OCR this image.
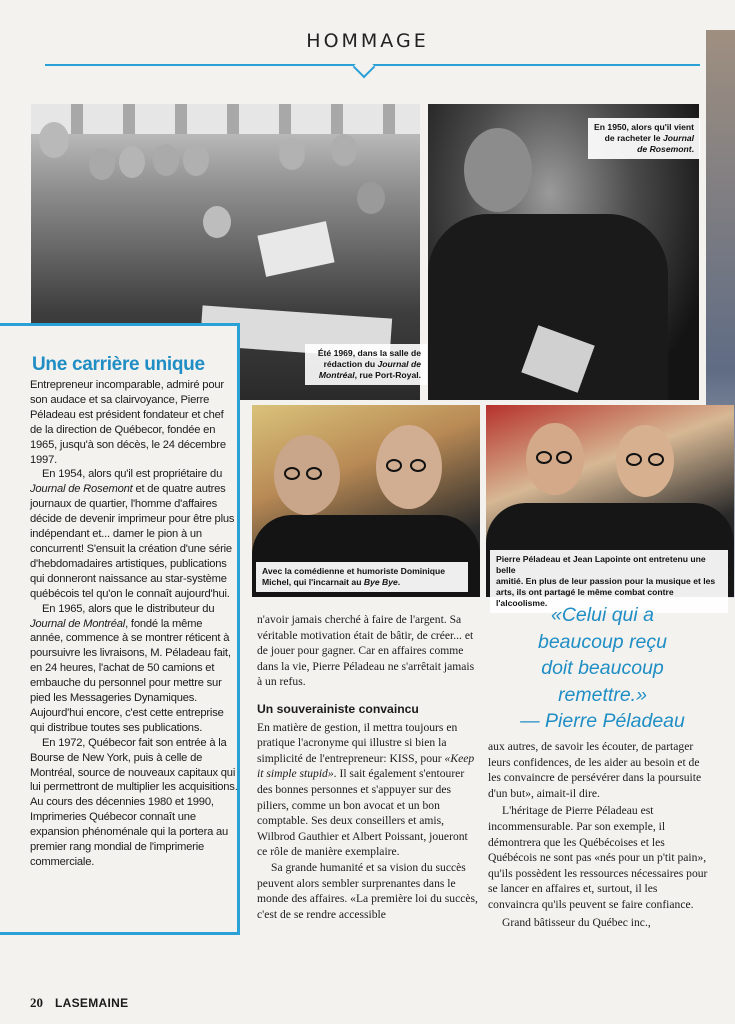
HOMMAGE
Été 1969, dans la salle de
rédaction du Journal de
Montréal, rue Port-Royal.
En 1950, alors qu'il vient
de racheter le Journal
de Rosemont.
Une carrière unique

Entrepreneur incomparable, admiré pour son audace et sa clairvoyance, Pierre Péladeau est président fondateur et chef de la direction de Québecor, fondée en 1965, jusqu'à son décès, le 24 décembre 1997.

En 1954, alors qu'il est propriétaire du Journal de Rosemont et de quatre autres journaux de quartier, l'homme d'affaires décide de devenir imprimeur pour être plus indépendant et... damer le pion à un concurrent! S'ensuit la création d'une série d'hebdomadaires artistiques, publications qui donneront naissance au star-système québécois tel qu'on le connaît aujourd'hui.

En 1965, alors que le distributeur du Journal de Montréal, fondé la même année, commence à se montrer réticent à poursuivre les livraisons, M. Péladeau fait, en 24 heures, l'achat de 50 camions et embauche du personnel pour mettre sur pied les Messageries Dynamiques. Aujourd'hui encore, c'est cette entreprise qui distribue toutes ses publications.

En 1972, Québecor fait son entrée à la Bourse de New York, puis à celle de Montréal, source de nouveaux capitaux qui lui permettront de multiplier les acquisitions. Au cours des décennies 1980 et 1990, Imprimeries Québecor connaît une expansion phénoménale qui la portera au premier rang mondial de l'imprimerie commerciale.

Avec la comédienne et humoriste Dominique
Michel, qui l'incarnait au Bye Bye.
Pierre Péladeau et Jean Lapointe ont entretenu une belle
amitié. En plus de leur passion pour la musique et les
arts, ils ont partagé le même combat contre l'alcoolisme.

n'avoir jamais cherché à faire de l'argent. Sa véritable motivation était de bâtir, de créer... et de jouer pour gagner. Car en affaires comme dans la vie, Pierre Péladeau ne s'arrêtait jamais à un refus.

Un souverainiste convaincu

En matière de gestion, il mettra toujours en pratique l'acronyme qui illustre si bien la simplicité de l'entrepreneur: KISS, pour «Keep it simple stupid». Il sait également s'entourer des bonnes personnes et s'appuyer sur des piliers, comme un bon avocat et un bon comptable. Ses deux conseillers et amis, Wilbrod Gauthier et Albert Poissant, joueront ce rôle de manière exemplaire.

Sa grande humanité et sa vision du succès peuvent alors sembler surprenantes dans le monde des affaires. «La première loi du succès, c'est de se rendre accessible

«Celui qui a
beaucoup reçu
doit beaucoup
remettre.»
— Pierre Péladeau

aux autres, de savoir les écouter, de partager leurs confidences, de les aider au besoin et de les convaincre de persévérer dans la poursuite d'un but», aimait-il dire.

L'héritage de Pierre Péladeau est incommensurable. Par son exemple, il démontrera que les Québécoises et les Québécois ne sont pas «nés pour un p'tit pain», qu'ils possèdent les ressources nécessaires pour se lancer en affaires et, surtout, il les convaincra qu'ils peuvent se faire confiance.

Grand bâtisseur du Québec inc.,

20 LASEMAINE
